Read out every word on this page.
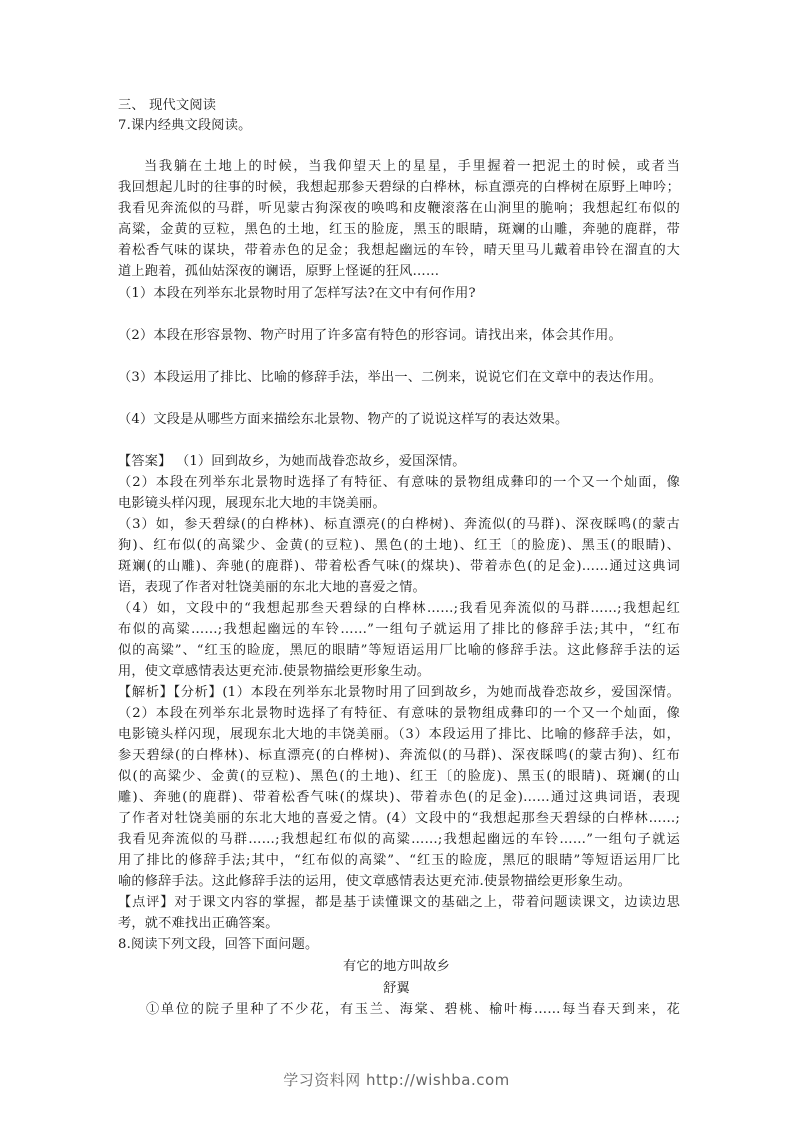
三、 现代文阅读
7.课内经典文段阅读。
当我躺在土地上的时候，当我仰望天上的星星，手里握着一把泥土的时候，或者当
我回想起儿时的往事的时候，我想起那参天碧绿的白桦林，标直漂亮的白桦树在原野上呻吟；
我看见奔流似的马群，听见蒙古狗深夜的唤鸣和皮鞭滚落在山涧里的脆响；我想起红布似的
高粱，金黄的豆粒，黑色的土地，红玉的脸庞，黑玉的眼睛，斑斓的山雕，奔驰的鹿群，带
着松香气味的谋块，带着赤色的足金；我想起幽远的车铃，晴天里马儿戴着串铃在溜直的大
道上跑着，孤仙姑深夜的谰语，原野上怪诞的狂风……
（1）本段在列举东北景物时用了怎样写法?在文中有何作用?
（2）本段在形容景物、物产时用了许多富有特色的形容词。请找出来，体会其作用。
（3）本段运用了排比、比喻的修辞手法，举出一、二例来，说说它们在文章中的表达作用。
（4）文段是从哪些方面来描绘东北景物、物产的了说说这样写的表达效果。
【答案】 （1）回到故乡，为她而战眷恋故乡，爱国深情。
（2）本段在列举东北景物时选择了有特征、有意味的景物组成彝印的一个又一个灿面，像
电影镜头样闪现，展现东北大地的丰饶美丽。
（3）如，参天碧绿(的白桦林)、标直漂亮(的白桦树)、奔流似(的马群)、深夜睬鸣(的蒙古
狗)、红布似(的高粱少、金黄(的豆粒)、黑色(的土地)、红王〔的脸庞)、黑玉(的眼睛)、
斑斓(的山雕)、奔驰(的鹿群)、带着松香气味(的煤块)、带着赤色(的足金)……通过这典词
语，表现了作者对牡饶美丽的东北大地的喜爱之情。
（4）如，文段中的“我想起那叁天碧绿的白桦林……;我看见奔流似的马群……;我想起红
布似的高粱……;我想起幽远的车铃……”一组句子就运用了排比的修辞手法;其中，“红布
似的高粱”、“红玉的睑庞，黑厄的眼睛”等短语运用厂比喻的修辞手法。这此修辞手法的运
用，使文章感情表达更充沛.使景物描绘更形象生动。
【解析】【分析】(1）本段在列举东北景物时用了回到故乡，为她而战眷恋故乡，爱国深情。
（2）本段在列举东北景物时选择了有特征、有意味的景物组成彝印的一个又一个灿面，像
电影镜头样闪现，展现东北大地的丰饶美丽。（3）本段运用了排比、比喻的修辞手法，如，
参天碧绿(的白桦林)、标直漂亮(的白桦树)、奔流似(的马群)、深夜睬鸣(的蒙古狗)、红布
似(的高粱少、金黄(的豆粒)、黑色(的土地)、红王〔的脸庞)、黑玉(的眼睛)、斑斓(的山
雕)、奔驰(的鹿群)、带着松香气味(的煤块)、带着赤色(的足金)……通过这典词语，表现
了作者对牡饶美丽的东北大地的喜爱之情。(4）文段中的“我想起那叁天碧绿的白桦林……;
我看见奔流似的马群……;我想起红布似的高粱……;我想起幽远的车铃……”一组句子就运
用了排比的修辞手法;其中，“红布似的高粱”、“红玉的睑庞，黑厄的眼睛”等短语运用厂比
喻的修辞手法。这此修辞手法的运用，使文章感情表达更充沛.使景物描绘更形象生动。
【点评】对于课文内容的掌握，都是基于读懂课文的基础之上，带着问题读课文，边读边思
考，就不难找出正确答案。
8.阅读下列文段，回答下面问题。
有它的地方叫故乡
舒翼
①单位的院子里种了不少花，有玉兰、海棠、碧桃、榆叶梅……每当春天到来，花
学习资料网 http://wishba.com
